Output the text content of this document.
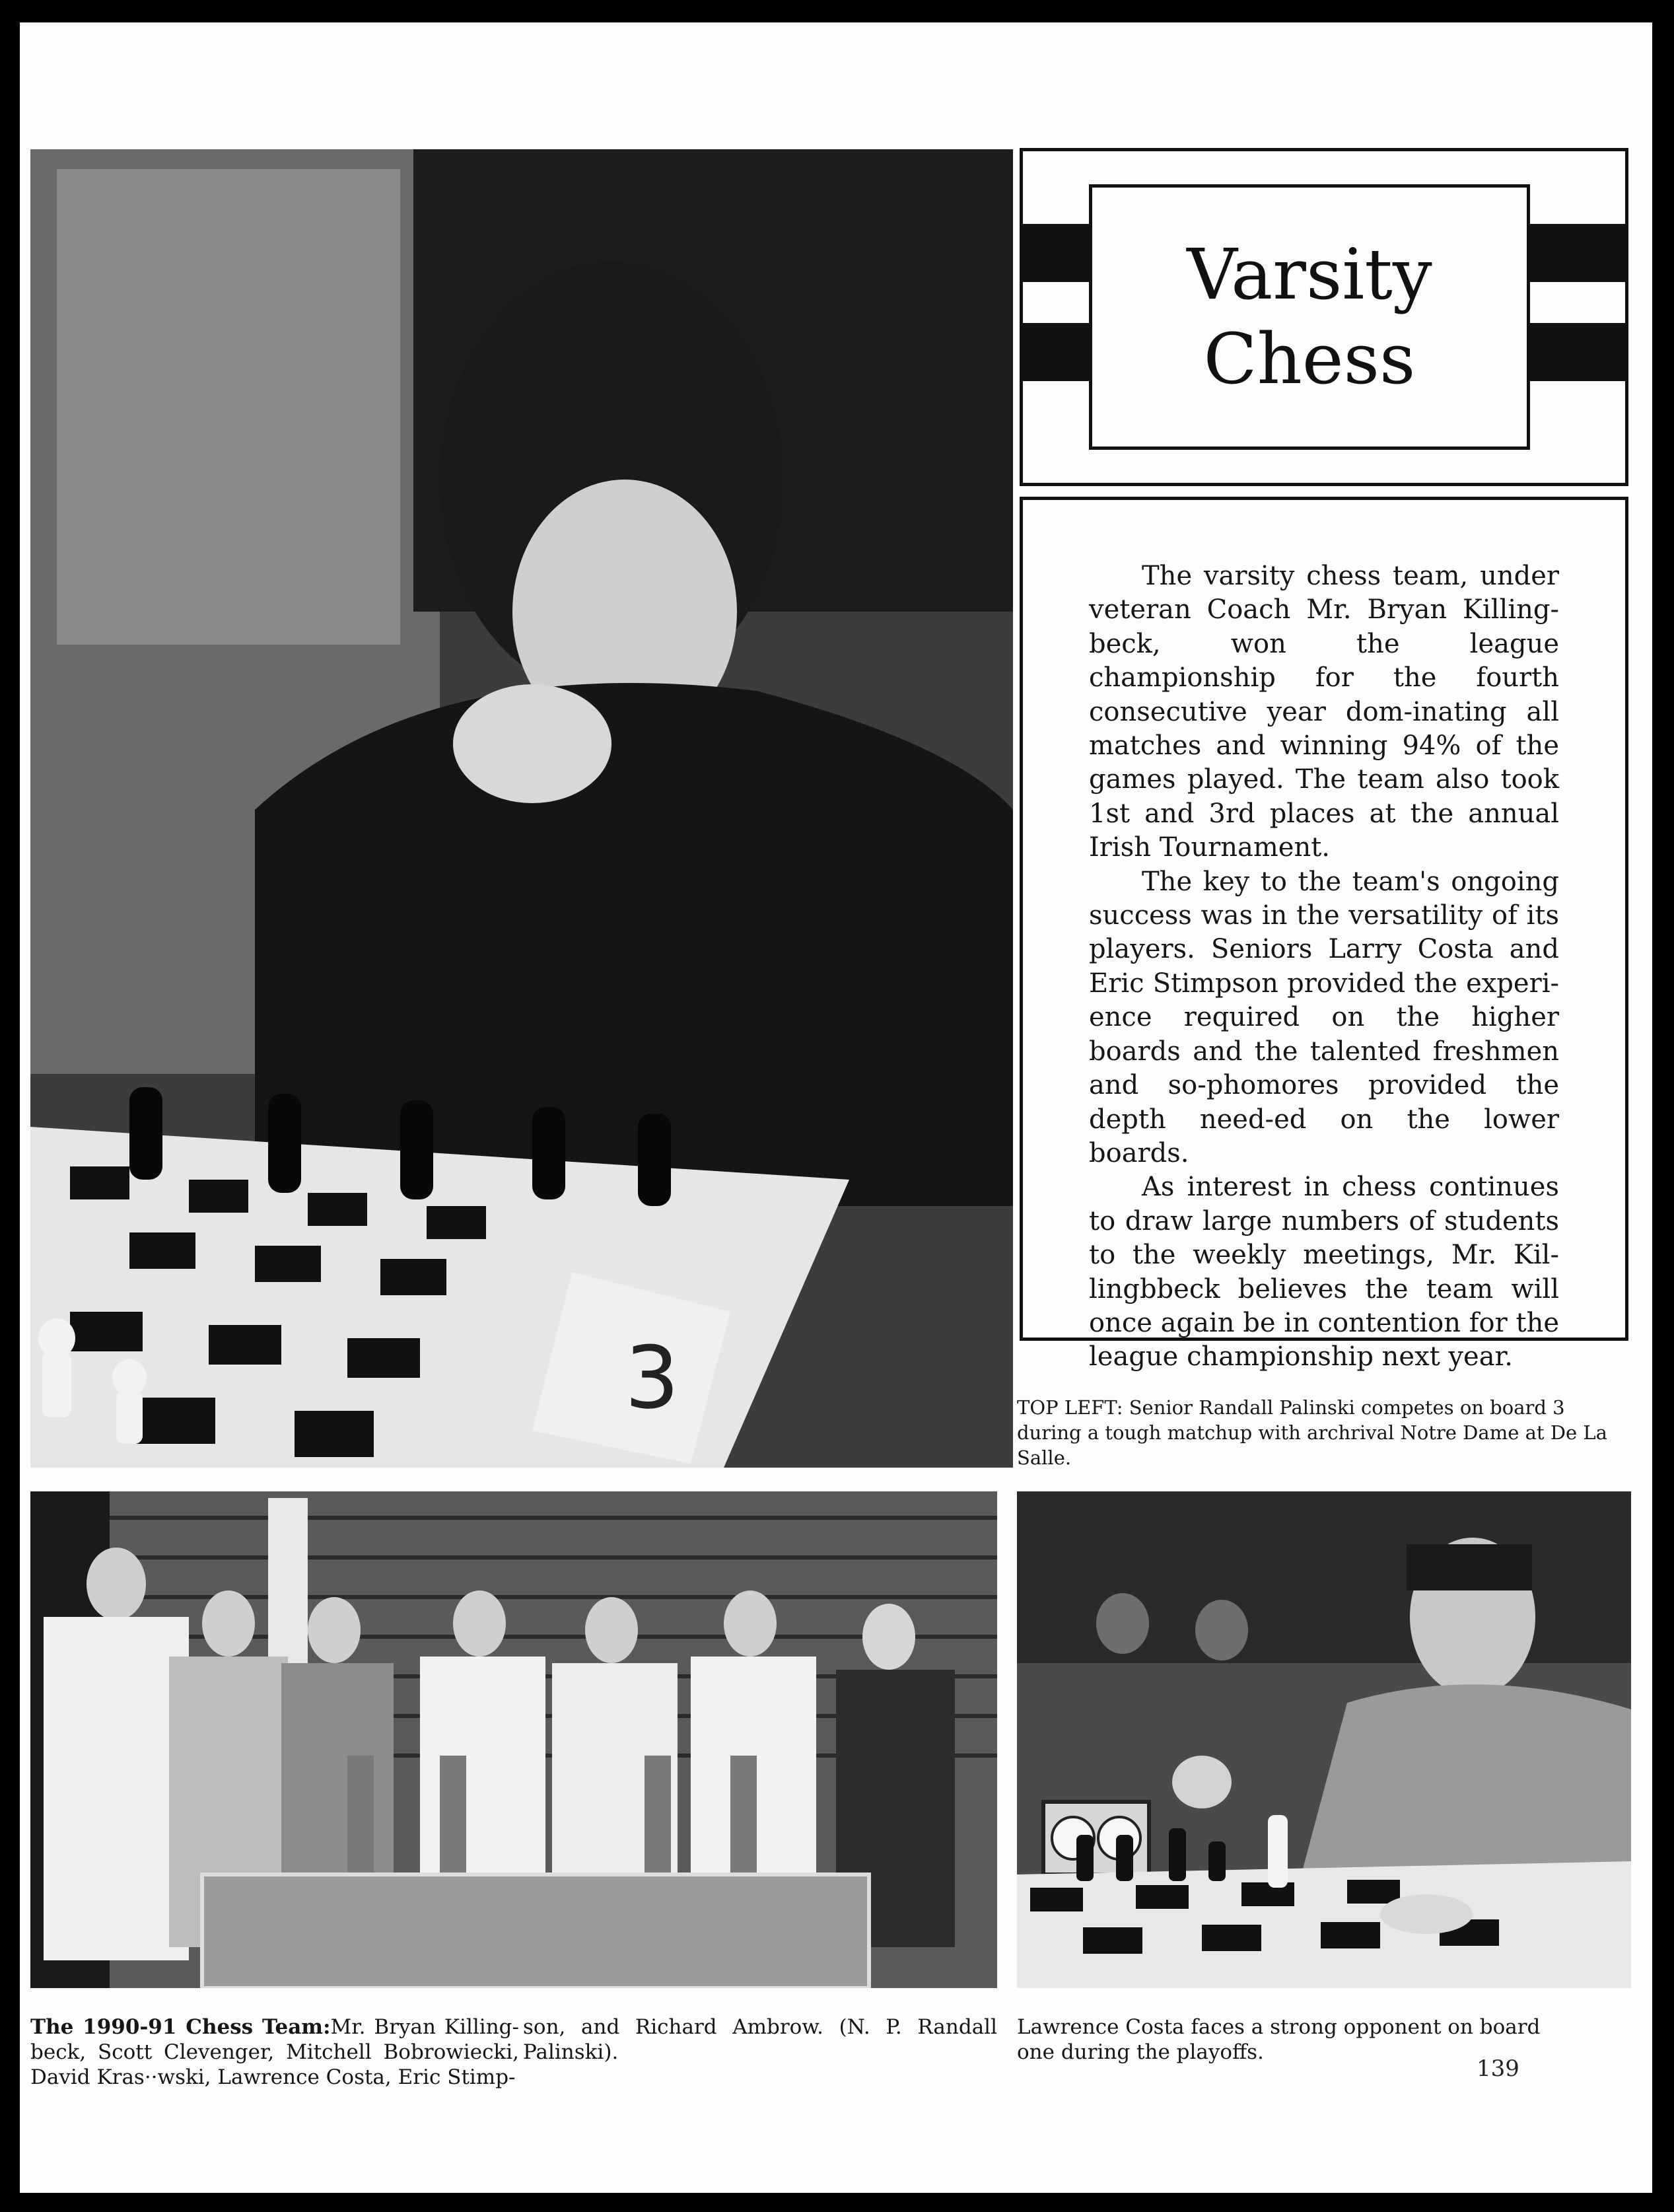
3
Varsity
Chess

The varsity chess team, under veteran Coach Mr. Bryan Killing-beck, won the league championship for the fourth consecutive year dom-inating all matches and winning 94% of the games played. The team also took 1st and 3rd places at the annual Irish Tournament.

The key to the team's ongoing success was in the versatility of its players. Seniors Larry Costa and Eric Stimpson provided the experi-ence required on the higher boards and the talented freshmen and so-phomores provided the depth need-ed on the lower boards.

As interest in chess continues to draw large numbers of students to the weekly meetings, Mr. Kil-lingbbeck believes the team will once again be in contention for the league championship next year.

TOP LEFT: Senior Randall Palinski competes on board 3 during a tough matchup with archrival Notre Dame at De La Salle.

The 1990-91 Chess Team:Mr. Bryan Killing-beck, Scott Clevenger, Mitchell Bobrowiecki, David Kras··wski, Lawrence Costa, Eric Stimp-

son, and Richard Ambrow. (N. P. Randall Palinski).

Lawrence Costa faces a strong opponent on board one during the playoffs.

139
